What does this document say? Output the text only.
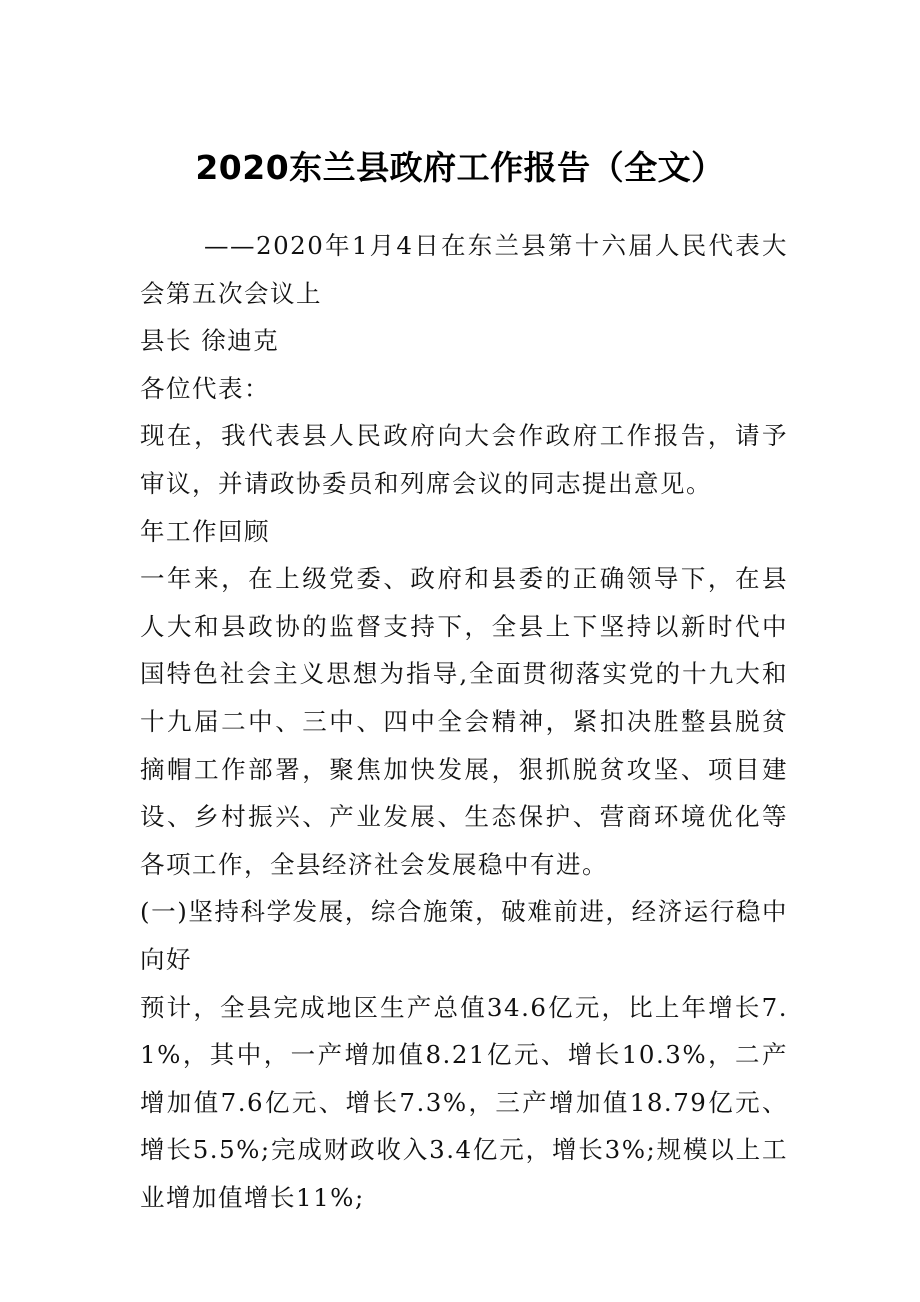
2020东兰县政府工作报告（全文）

——2020年1月4日在东兰县第十六届人民代表大会第五次会议上

县长 徐迪克

各位代表：

现在，我代表县人民政府向大会作政府工作报告，请予审议，并请政协委员和列席会议的同志提出意见。

年工作回顾

一年来，在上级党委、政府和县委的正确领导下，在县人大和县政协的监督支持下，全县上下坚持以新时代中国特色社会主义思想为指导,全面贯彻落实党的十九大和十九届二中、三中、四中全会精神，紧扣决胜整县脱贫摘帽工作部署，聚焦加快发展，狠抓脱贫攻坚、项目建设、乡村振兴、产业发展、生态保护、营商环境优化等各项工作，全县经济社会发展稳中有进。

(一)坚持科学发展，综合施策，破难前进，经济运行稳中向好

预计，全县完成地区生产总值34.6亿元，比上年增长7.1%，其中，一产增加值8.21亿元、增长10.3%，二产增加值7.6亿元、增长7.3%，三产增加值18.79亿元、增长5.5%;完成财政收入3.4亿元，增长3%;规模以上工业增加值增长11%;
